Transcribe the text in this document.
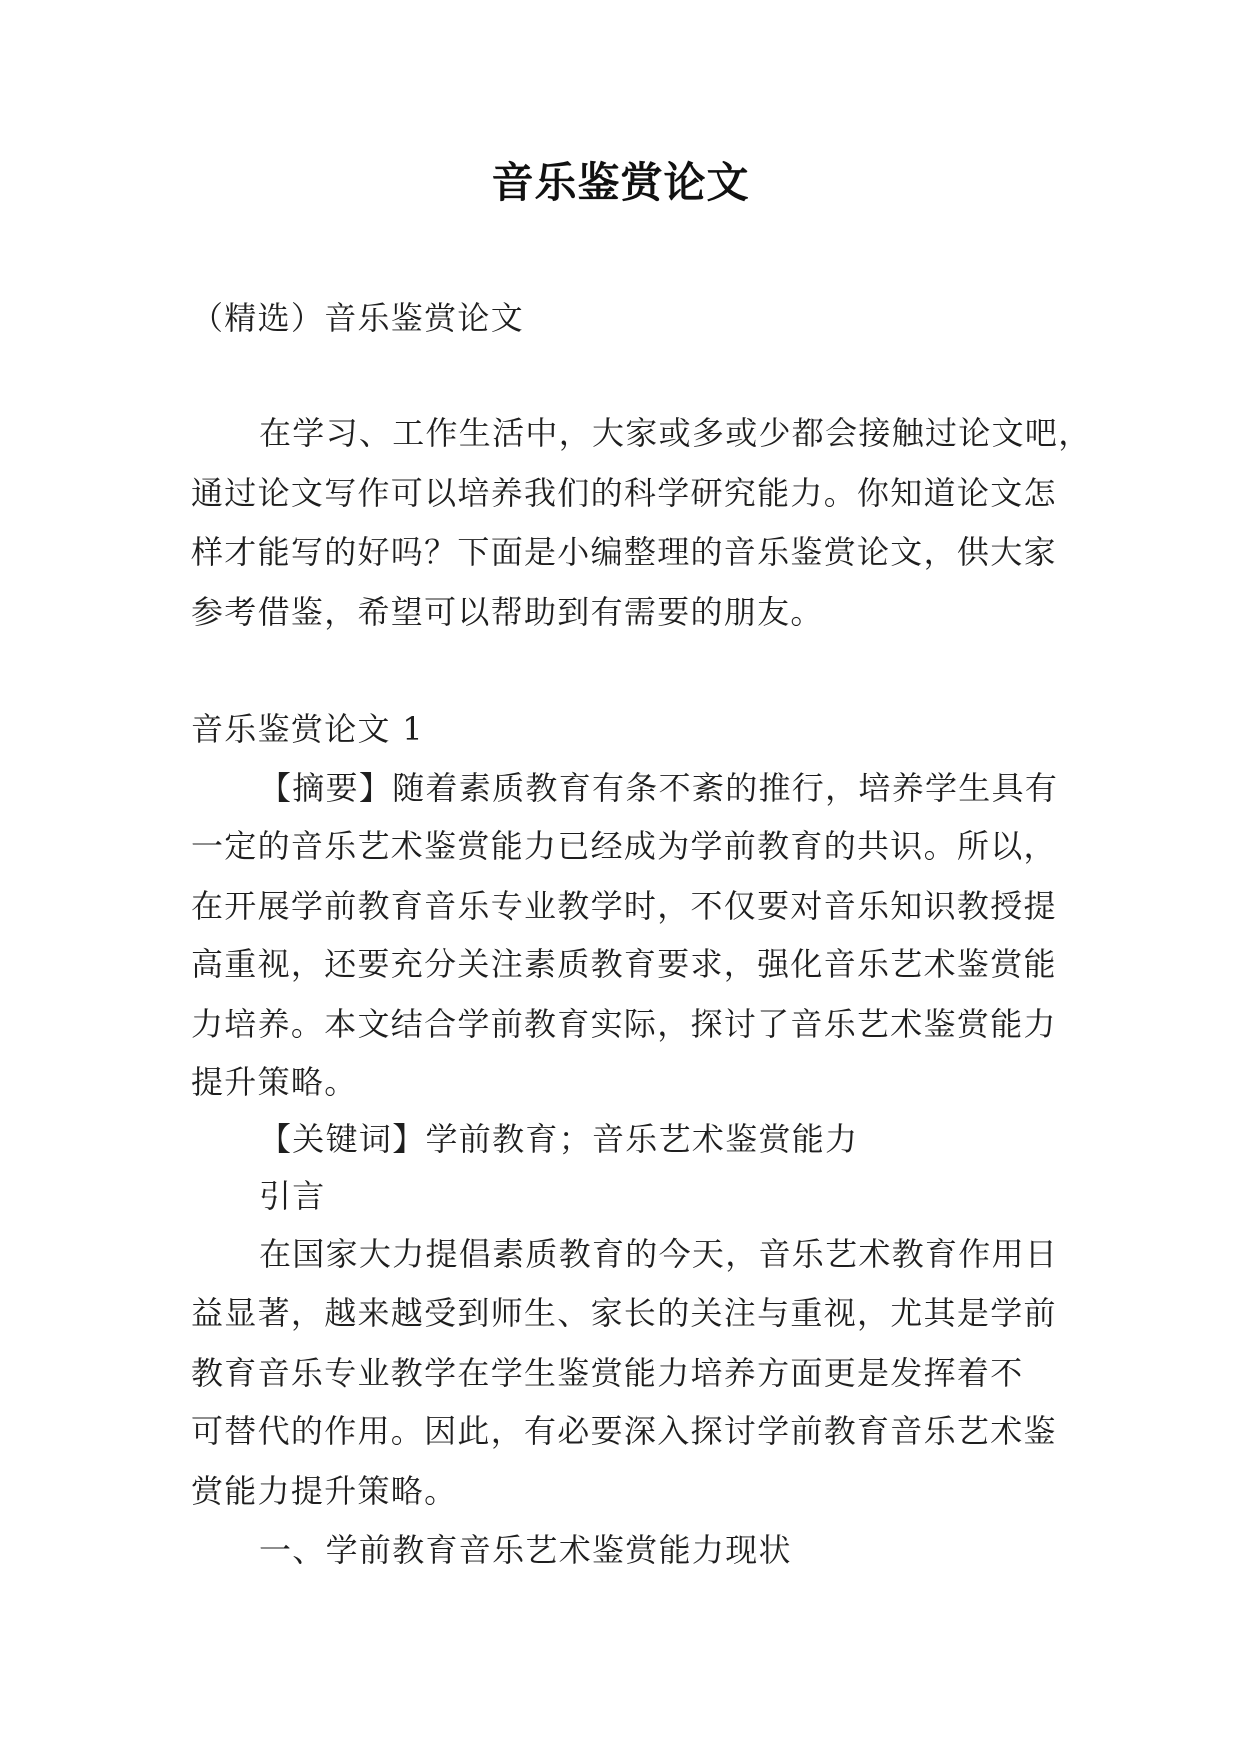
音乐鉴赏论文
（精选）音乐鉴赏论文
在学习、工作生活中，大家或多或少都会接触过论文吧，
通过论文写作可以培养我们的科学研究能力。你知道论文怎
样才能写的好吗？下面是小编整理的音乐鉴赏论文，供大家
参考借鉴，希望可以帮助到有需要的朋友。
音乐鉴赏论文 1
【摘要】随着素质教育有条不紊的推行，培养学生具有
一定的音乐艺术鉴赏能力已经成为学前教育的共识。所以，
在开展学前教育音乐专业教学时，不仅要对音乐知识教授提
高重视，还要充分关注素质教育要求，强化音乐艺术鉴赏能
力培养。本文结合学前教育实际，探讨了音乐艺术鉴赏能力
提升策略。
【关键词】学前教育；音乐艺术鉴赏能力
引言
在国家大力提倡素质教育的今天，音乐艺术教育作用日
益显著，越来越受到师生、家长的关注与重视，尤其是学前
教育音乐专业教学在学生鉴赏能力培养方面更是发挥着不
可替代的作用。因此，有必要深入探讨学前教育音乐艺术鉴
赏能力提升策略。
一、学前教育音乐艺术鉴赏能力现状
